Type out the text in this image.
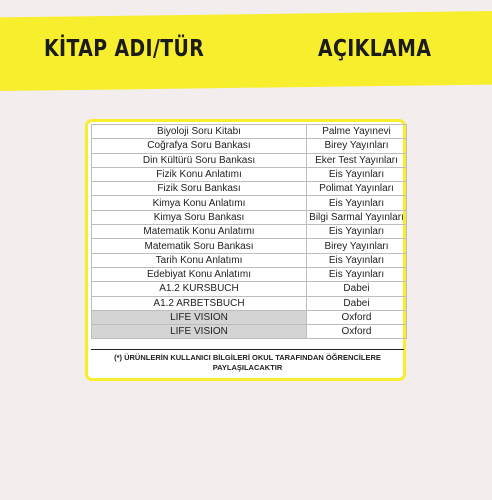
KİTAP ADI/TÜR	AÇIKLAMA
Biyoloji Soru Kitabı	Palme Yayınevi
Coğrafya Soru Bankası	Birey Yayınları
Din Kültürü Soru Bankası	Eker Test Yayınları
Fizik Konu Anlatımı	Eis Yayınları
Fizik Soru Bankası	Polimat Yayınları
Kimya Konu Anlatımı	Eis Yayınları
Kimya Soru Bankası	Bilgi Sarmal Yayınları
Matematik Konu Anlatımı	Eis Yayınları
Matematik Soru Bankası	Birey Yayınları
Tarih Konu Anlatımı	Eis Yayınları
Edebiyat Konu Anlatımı	Eis Yayınları
A1.2 KURSBUCH	Dabei
A1.2 ARBETSBUCH	Dabei
LIFE VISION	Oxford
LIFE VISION	Oxford
(*) ÜRÜNLERİN KULLANICI BİLGİLERİ OKUL TARAFINDAN ÖĞRENCİLERE
PAYLAŞILACAKTIR
